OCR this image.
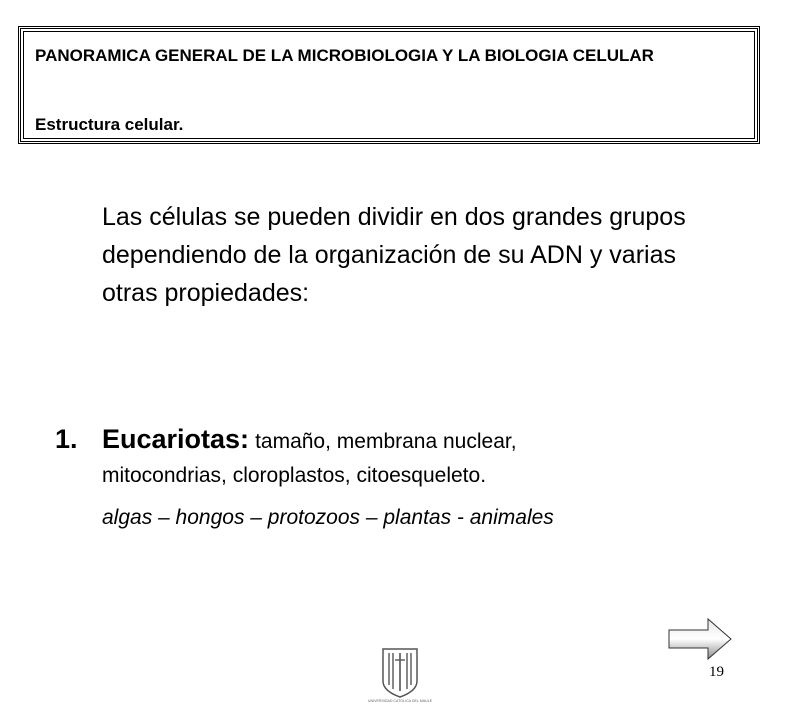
PANORAMICA GENERAL DE LA MICROBIOLOGIA Y LA BIOLOGIA CELULAR
Estructura celular.
Las células se pueden dividir en dos grandes grupos dependiendo de la organización de su ADN y varias otras propiedades:
1. Eucariotas: tamaño, membrana nuclear,
mitocondrias, cloroplastos, citoesqueleto.
algas – hongos – protozoos – plantas - animales
UNIVERSIDAD CATOLICA DEL MAULE
19
